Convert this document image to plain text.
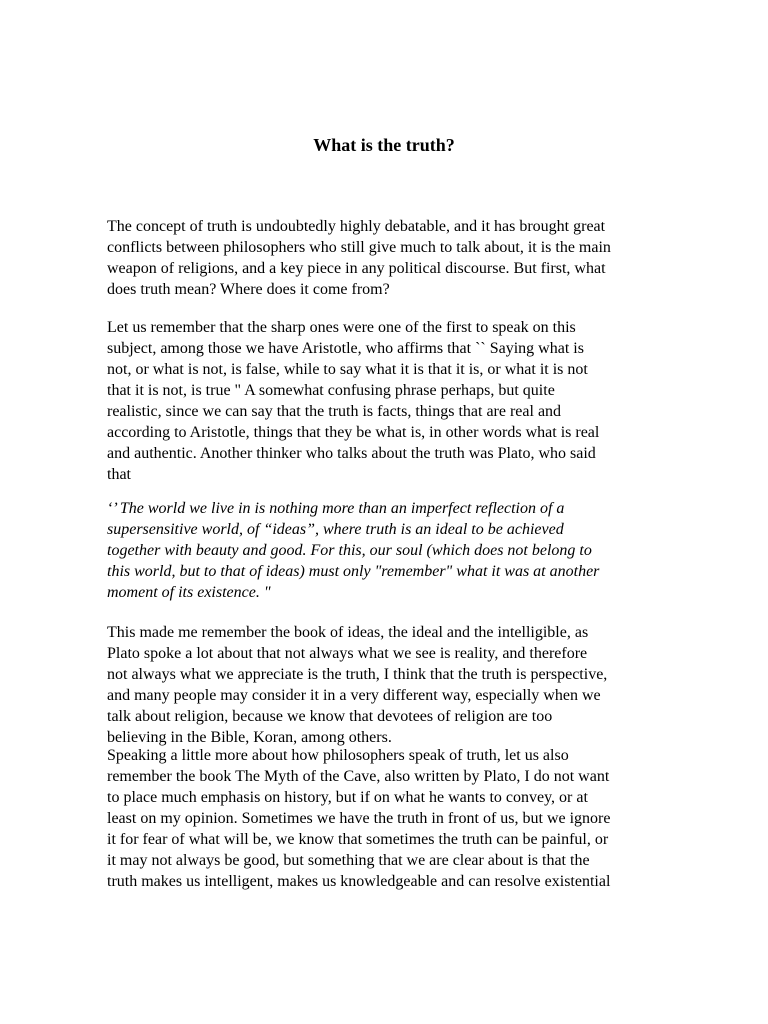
What is the truth?
The concept of truth is undoubtedly highly debatable, and it has brought great
conflicts between philosophers who still give much to talk about, it is the main
weapon of religions, and a key piece in any political discourse. But first, what
does truth mean? Where does it come from?
Let us remember that the sharp ones were one of the first to speak on this
subject, among those we have Aristotle, who affirms that `` Saying what is
not, or what is not, is false, while to say what it is that it is, or what it is not
that it is not, is true " A somewhat confusing phrase perhaps, but quite
realistic, since we can say that the truth is facts, things that are real and
according to Aristotle, things that they be what is, in other words what is real
and authentic. Another thinker who talks about the truth was Plato, who said
that
‘’ The world we live in is nothing more than an imperfect reflection of a
supersensitive world, of “ideas”, where truth is an ideal to be achieved
together with beauty and good. For this, our soul (which does not belong to
this world, but to that of ideas) must only "remember" what it was at another
moment of its existence. "
This made me remember the book of ideas, the ideal and the intelligible, as
Plato spoke a lot about that not always what we see is reality, and therefore
not always what we appreciate is the truth, I think that the truth is perspective,
and many people may consider it in a very different way, especially when we
talk about religion, because we know that devotees of religion are too
believing in the Bible, Koran, among others.
Speaking a little more about how philosophers speak of truth, let us also
remember the book The Myth of the Cave, also written by Plato, I do not want
to place much emphasis on history, but if on what he wants to convey, or at
least on my opinion. Sometimes we have the truth in front of us, but we ignore
it for fear of what will be, we know that sometimes the truth can be painful, or
it may not always be good, but something that we are clear about is that the
truth makes us intelligent, makes us knowledgeable and can resolve existential
